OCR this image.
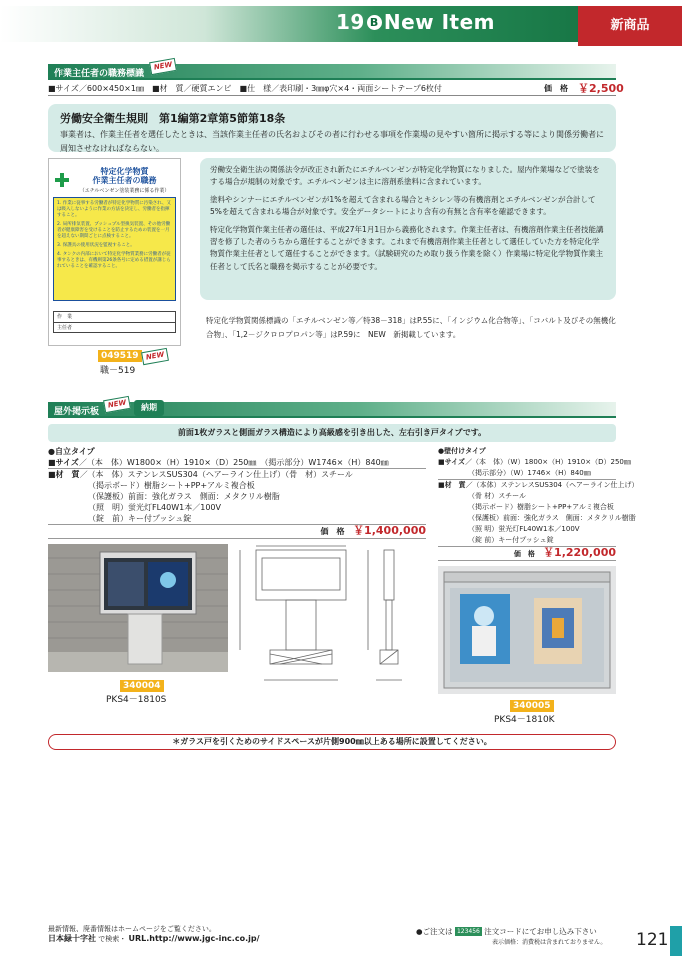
19 B New Item	新商品
作業主任者の職務標識
NEW
■サイズ／600×450×1㎜　■材　質／硬質エンビ　■仕　様／表印刷・3㎜φ穴×4・両面シートテープ6枚付	価　格 ￥2,500
労働安全衛生規則　第1編第2章第5節第18条
事業者は、作業主任者を選任したときは、当該作業主任者の氏名およびその者に行わせる事項を作業場の見やすい箇所に掲示する等により関係労働者に周知させなければならない。
特定化学物質
作業主任者の職務
（エチルベンゼン塗装業務に係る作業）

1. 作業に従事する労働者が特定化学物質に汚染され、又は吸入しないように作業の方法を決定し、労働者を指揮すること。

2. 局所排気装置、プッシュプル型換気装置、その他労働者が健康障害を受けることを防止するための装置を一月を超えない期間ごとに点検すること。

3. 保護具の使用状況を監視すること。

4. タンクの内部において特定化学物質業務に労働者が従事するときは、有機則第26条各号に定める措置が講じられていることを確認すること。

作　業
主任者
049519 NEW
職－519

労働安全衛生法の関係法令が改正され新たにエチルベンゼンが特定化学物質になりました。屋内作業場などで塗装をする場合が規制の対象です。エチルベンゼンは主に溶剤系塗料に含まれています。

塗料やシンナーにエチルベンゼンが1%を超えて含まれる場合とキシレン等の有機溶剤とエチルベンゼンが合計して5%を超えて含まれる場合が対象です。安全データシートにより含有の有無と含有率を確認できます。

特定化学物質作業主任者の選任は、平成27年1月1日から義務化されます。作業主任者は、有機溶剤作業主任者技能講習を修了した者のうちから選任することができます。これまで有機溶剤作業主任者として選任していた方を特定化学物質作業主任者として選任することができます。（試験研究のため取り扱う作業を除く）作業場に特定化学物質作業主任者として氏名と職務を掲示することが必要です。

特定化学物質関係標識の「エチルベンゼン等／特38－318」はP.55に、「インジウム化合物等」、「コバルト及びその無機化合物」、「1,2－ジクロロプロパン等」はP.59に　NEW　新掲載しています。
屋外掲示板
NEW	納期
前面1枚ガラスと側面ガラス構造により高級感を引き出した、左右引き戸タイプです。
●自立タイプ
■サイズ／（本　体）W1800×（H）1910×（D）250㎜　（掲示部分）W1746×（H）840㎜
■材　質／（本　体）ステンレスSUS304（ヘアーライン仕上げ）（骨　材）スチール
（掲示ボード）樹脂シート+PP+アルミ複合板
（保護板）前面：強化ガラス　側面：メタクリル樹脂
（照　明）蛍光灯FL40W1本／100V
（錠　前）キー付プッシュ錠
価　格 ￥1,400,000
●壁付けタイプ
■サイズ／（本　体）（W）1800×（H）1910×（D）250㎜
（掲示部分）（W）1746×（H）840㎜
■材　質／（本体）ステンレスSUS304（ヘアーライン仕上げ）
（骨 材）スチール
（掲示ボード）樹脂シート+PP+アルミ複合板
（保護板）前面：強化ガラス　側面：メタクリル樹脂
（照 明）蛍光灯FL40W1本／100V
（錠 前）キー付プッシュ錠
価　格 ￥1,220,000
340004
PKS4－1810S
340005
PKS4－1810K
＊ガラス戸を引くためのサイドスペースが片側900㎜以上ある場所に設置してください。
最新情報、廃番情報はホームページをご覧ください。
日本緑十字社 で検索・ URL.http://www.jgc-inc.co.jp/
●ご注文は 123456 注文コードにてお申し込み下さい
表示価格：消費税は含まれておりません。 121
